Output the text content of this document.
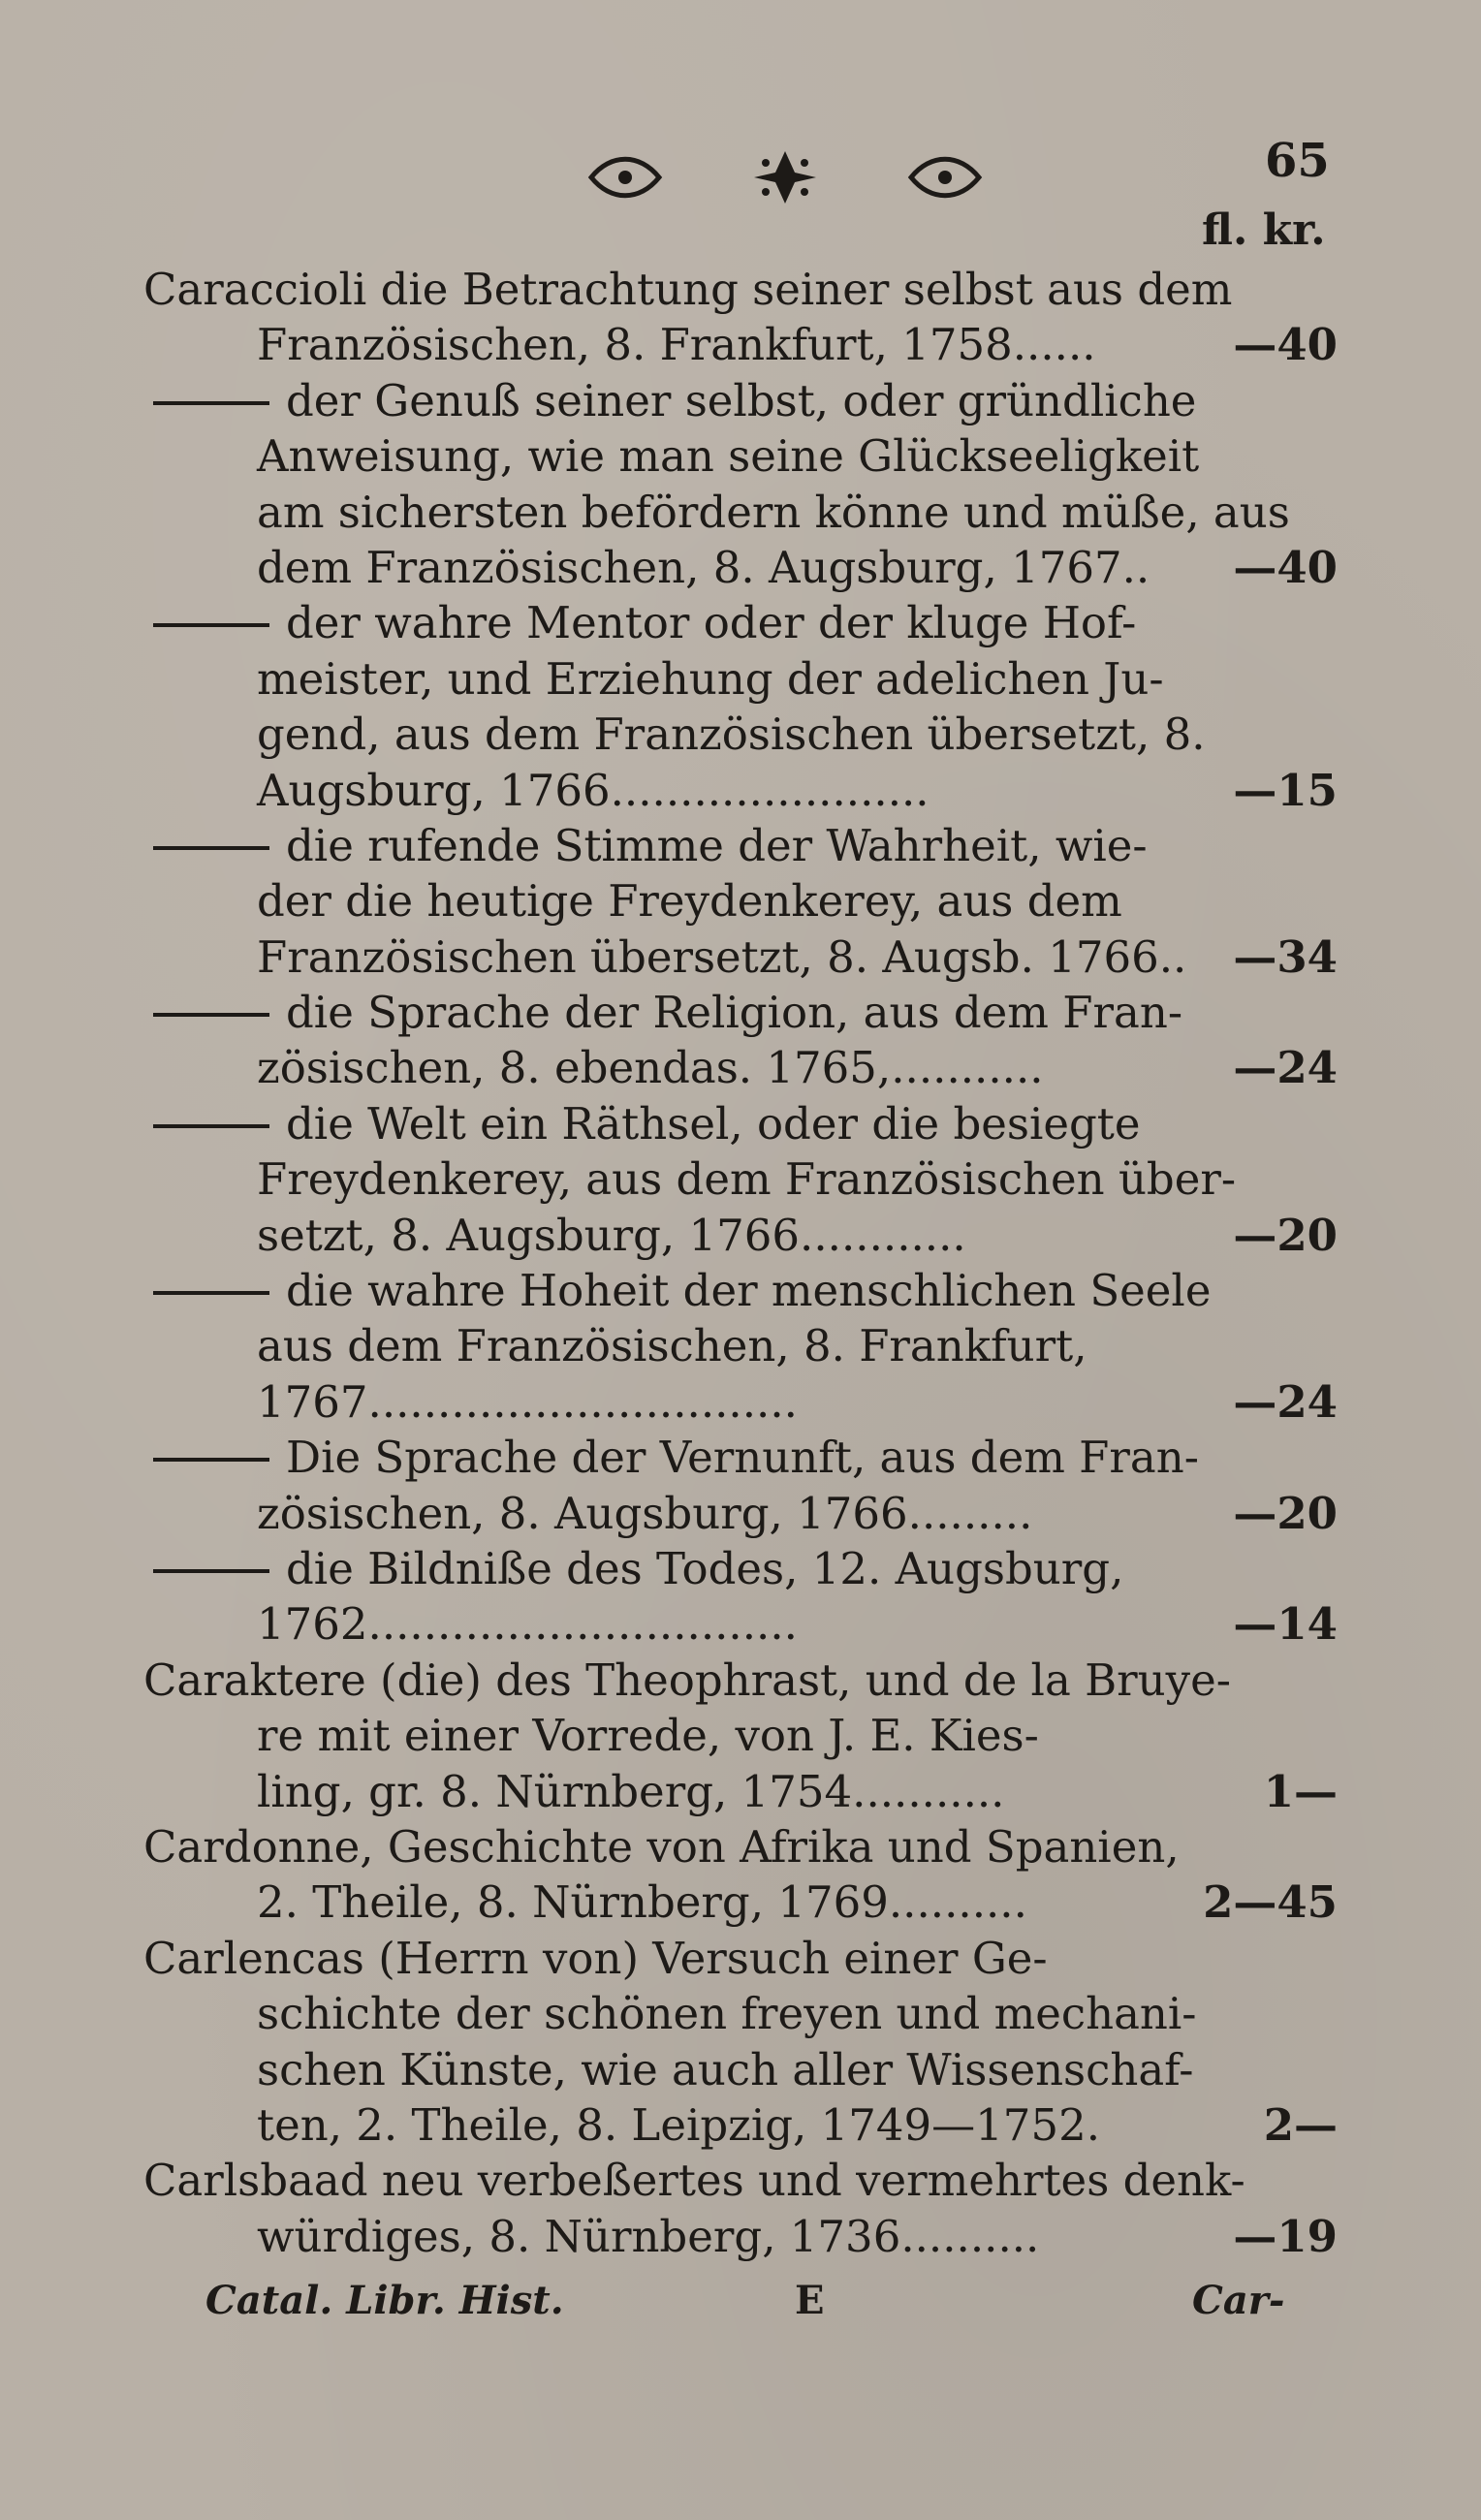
65
fl. kr.
Caraccioli die Betrachtung seiner selbst aus dem
Französischen, 8. Frankfurt, 1758......	—40
der Genuß seiner selbst, oder gründliche
Anweisung, wie man seine Glückseeligkeit
am sichersten befördern könne und müße, aus
dem Französischen, 8. Augsburg, 1767..	—40
der wahre Mentor oder der kluge Hof-
meister, und Erziehung der adelichen Ju-
gend, aus dem Französischen übersetzt, 8.
Augsburg, 1766.......................	—15
die rufende Stimme der Wahrheit, wie-
der die heutige Freydenkerey, aus dem
Französischen übersetzt, 8. Augsb. 1766..	—34
die Sprache der Religion, aus dem Fran-
zösischen, 8. ebendas. 1765,...........	—24
die Welt ein Räthsel, oder die besiegte
Freydenkerey, aus dem Französischen über-
setzt, 8. Augsburg, 1766............	—20
die wahre Hoheit der menschlichen Seele
aus dem Französischen, 8. Frankfurt,
1767...............................	—24
Die Sprache der Vernunft, aus dem Fran-
zösischen, 8. Augsburg, 1766.........	—20
die Bildniße des Todes, 12. Augsburg,
1762...............................	—14
Caraktere (die) des Theophrast, und de la Bruye-
re mit einer Vorrede, von J. E. Kies-
ling, gr. 8. Nürnberg, 1754...........	1—
Cardonne, Geschichte von Afrika und Spanien,
2. Theile, 8. Nürnberg, 1769..........	2—45
Carlencas (Herrn von) Versuch einer Ge-
schichte der schönen freyen und mechani-
schen Künste, wie auch aller Wissenschaf-
ten, 2. Theile, 8. Leipzig, 1749—1752.	2—
Carlsbaad neu verbeßertes und vermehrtes denk-
würdiges, 8. Nürnberg, 1736..........	—19
Catal. Libr. Hist.	E	Car-
